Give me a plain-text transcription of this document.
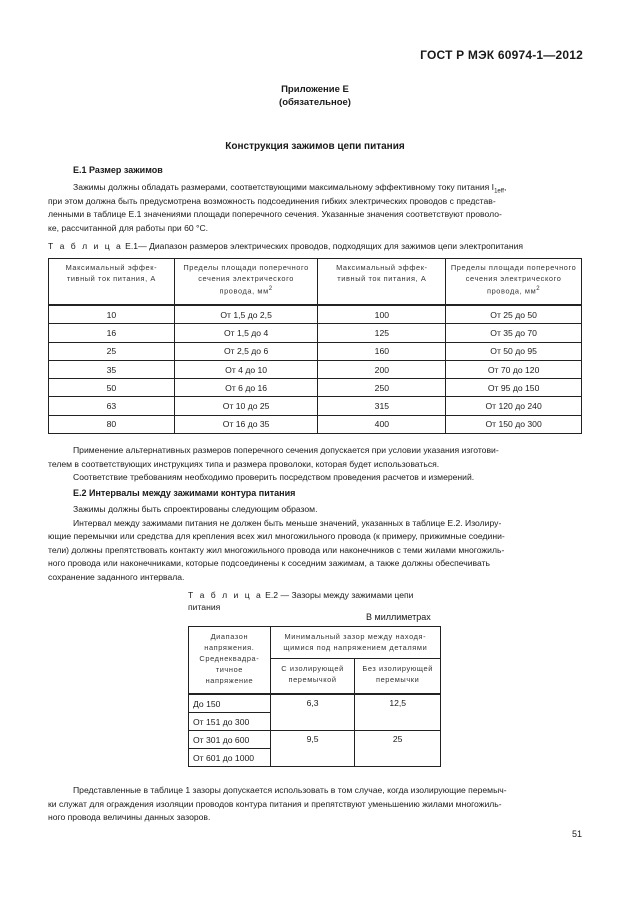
ГОСТ Р МЭК 60974-1—2012
Приложение Е
(обязательное)
Конструкция зажимов цепи питания
Е.1 Размер зажимов
Зажимы должны обладать размерами, соответствующими максимальному эффективному току питания $I_{1eff}$,
при этом должна быть предусмотрена возможность подсоединения гибких электрических проводов с представ-
ленными в таблице Е.1 значениями площади поперечного сечения. Указанные значения соответствуют проволо-
ке, рассчитанной для работы при 60 °C.
Т а б л и ц а Е.1— Диапазон размеров электрических проводов, подходящих для зажимов цепи электропитания
Максимальный эффек-
тивный ток питания, А	Пределы площади поперечного
сечения электрического
провода, $мм^2$	Максимальный эффек-
тивный ток питания, А	Пределы площади поперечного
сечения электрического
провода, $мм^2$
10	От 1,5 до 2,5	100	От 25 до 50
16	От 1,5 до 4	125	От 35 до 70
25	От 2,5 до 6	160	От 50 до 95
35	От 4 до 10	200	От 70 до 120
50	От 6 до 16	250	От 95 до 150
63	От 10 до 25	315	От 120 до 240
80	От 16 до 35	400	От 150 до 300
Применение альтернативных размеров поперечного сечения допускается при условии указания изготови-
телем в соответствующих инструкциях типа и размера проволоки, которая будет использоваться.
Соответствие требованиям необходимо проверить посредством проведения расчетов и измерений.
Е.2 Интервалы между зажимами контура питания
Зажимы должны быть спроектированы следующим образом.
Интервал между зажимами питания не должен быть меньше значений, указанных в таблице Е.2. Изолиру-
ющие перемычки или средства для крепления всех жил многожильного провода (к примеру, прижимные соедини-
тели) должны препятствовать контакту жил многожильного провода или наконечников с теми жилами многожиль-
ного провода или наконечниками, которые подсоединены к соседним зажимам, а также должны обеспечивать
сохранение заданного интервала.
Т а б л и ц а Е.2 — Зазоры между зажимами цепи
питания
В миллиметрах
Диапазон
напряжения.
Среднеквадра-
тичное
напряжение	Минимальный зазор между находя-
щимися под напряжением деталями	
	С изолирующей
перемычкой	Без изолирующей
перемычки
До 150	6,3	12,5
От 151 до 300		
От 301 до 600	9,5	25
От 601 до 1000		
Представленные в таблице 1 зазоры допускается использовать в том случае, когда изолирующие перемыч-
ки служат для ограждения изоляции проводов контура питания и препятствуют уменьшению жилами многожиль-
ного провода величины данных зазоров.
51
